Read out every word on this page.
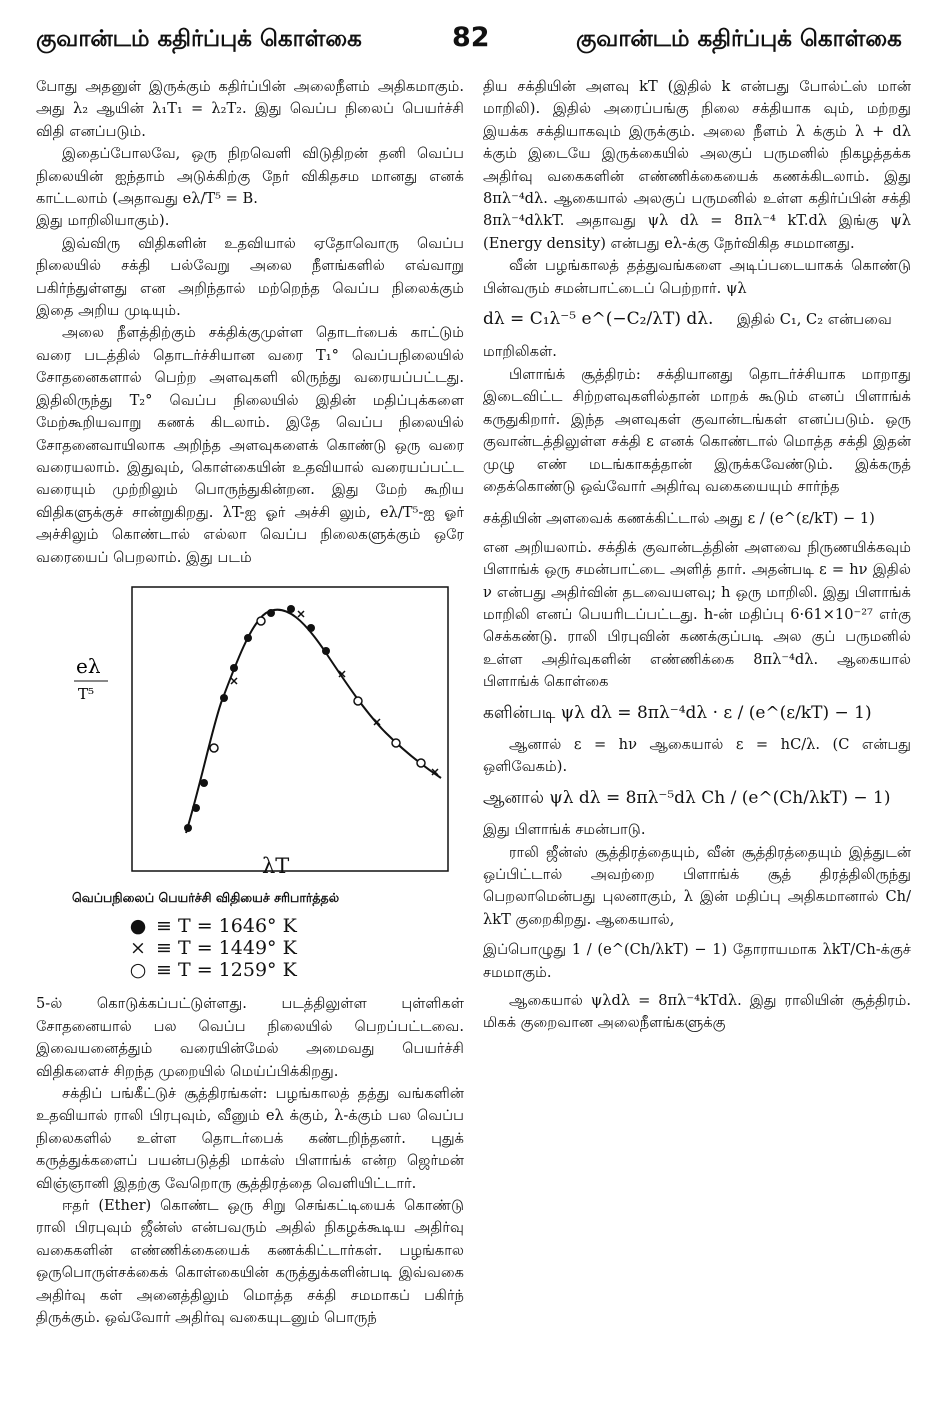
குவான்டம் கதிர்ப்புக் கொள்கை	82	குவான்டம் கதிர்ப்புக் கொள்கை

போது அதனுள் இருக்கும் கதிர்ப்பின் அலைநீளம் அதிகமாகும். அது λ₂ ஆயின் λ₁T₁ = λ₂T₂. இது வெப்ப நிலைப் பெயர்ச்சி விதி எனப்படும்.

இதைப்போலவே, ஒரு நிறவெளி விடுதிறன் தனி வெப்ப நிலையின் ஐந்தாம் அடுக்கிற்கு நேர் விகிதசம மானது எனக் காட்டலாம் (அதாவது eλ/T⁵ = B.

இது மாறிலியாகும்).

இவ்விரு விதிகளின் உதவியால் ஏதோவொரு வெப்ப நிலையில் சக்தி பல்வேறு அலை நீளங்களில் எவ்வாறு பகிர்ந்துள்ளது என அறிந்தால் மற்றெந்த வெப்ப நிலைக்கும் இதை அறிய முடியும்.

அலை நீளத்திற்கும் சக்திக்குமுள்ள தொடர்பைக் காட்டும் வரை படத்தில் தொடர்ச்சியான வரை T₁° வெப்பநிலையில் சோதனைகளால் பெற்ற அளவுகளி லிருந்து வரையப்பட்டது. இதிலிருந்து T₂° வெப்ப நிலையில் இதின் மதிப்புக்களை மேற்கூறியவாறு கணக் கிடலாம். இதே வெப்ப நிலையில் சோதனைவாயிலாக அறிந்த அளவுகளைக் கொண்டு ஒரு வரை வரையலாம். இதுவும், கொள்கையின் உதவியால் வரையப்பட்ட வரையும் முற்றிலும் பொருந்துகின்றன. இது மேற் கூறிய விதிகளுக்குச் சான்றுகிறது. λT-ஐ ஓர் அச்சி லும், eλ/T⁵-ஐ ஓர் அச்சிலும் கொண்டால் எல்லா வெப்ப நிலைகளுக்கும் ஒரே வரையைப் பெறலாம். இது படம்

eλ
T⁵
λT
வெப்பநிலைப் பெயர்ச்சி விதியைச் சரிபார்த்தல்
● ≡ T = 1646° K
× ≡ T = 1449° K
○ ≡ T = 1259° K

5-ல் கொடுக்கப்பட்டுள்ளது. படத்திலுள்ள புள்ளிகள் சோதனையால் பல வெப்ப நிலையில் பெறப்பட்டவை. இவையனைத்தும் வரையின்மேல் அமைவது பெயர்ச்சி விதிகளைச் சிறந்த முறையில் மெய்ப்பிக்கிறது.

சக்திப் பங்கீட்டுச் சூத்திரங்கள்: பழங்காலத் தத்து வங்களின் உதவியால் ராலி பிரபுவும், வீனும் eλ க்கும், λ-க்கும் பல வெப்ப நிலைகளில் உள்ள தொடர்பைக் கண்டறிந்தனர். புதுக் கருத்துக்களைப் பயன்படுத்தி மாக்ஸ் பிளாங்க் என்ற ஜெர்மன் விஞ்ஞானி இதற்கு வேறொரு சூத்திரத்தை வெளியிட்டார்.

ஈதர் (Ether) கொண்ட ஒரு சிறு செங்கட்டியைக் கொண்டு ராலி பிரபுவும் ஜீன்ஸ் என்பவரும் அதில் நிகழக்கூடிய அதிர்வு வகைகளின் எண்ணிக்கையைக் கணக்கிட்டார்கள். பழங்கால ஒருபொருள்சக்கைக் கொள்கையின் கருத்துக்களின்படி இவ்வகை அதிர்வு கள் அனைத்திலும் மொத்த சக்தி சமமாகப் பகிர்ந் திருக்கும். ஒவ்வோர் அதிர்வு வகையுடனும் பொருந்

திய சக்தியின் அளவு kT (இதில் k என்பது போல்ட்ஸ் மான் மாறிலி). இதில் அரைப்பங்கு நிலை சக்தியாக வும், மற்றது இயக்க சக்தியாகவும் இருக்கும். அலை நீளம் λ க்கும் λ + dλ க்கும் இடையே இருக்கையில் அலகுப் பருமனில் நிகழத்தக்க அதிர்வு வகைகளின் எண்ணிக்கையைக் கணக்கிடலாம். இது 8πλ⁻⁴dλ. ஆகையால் அலகுப் பருமனில் உள்ள கதிர்ப்பின் சக்தி 8πλ⁻⁴dλkT. அதாவது ψλ dλ = 8πλ⁻⁴ kT.dλ இங்கு ψλ (Energy density) என்பது eλ-க்கு நேர்விகித சமமானது.

வீன் பழங்காலத் தத்துவங்களை அடிப்படையாகக் கொண்டு பின்வரும் சமன்பாட்டைப் பெற்றார். ψλ

dλ = C₁λ⁻⁵ e^(−C₂/λT) dλ. இதில் C₁, C₂ என்பவை

மாறிலிகள்.

பிளாங்க் சூத்திரம்: சக்தியானது தொடர்ச்சியாக மாறாது இடைவிட்ட சிற்றளவுகளில்தான் மாறக் கூடும் எனப் பிளாங்க் கருதுகிறார். இந்த அளவுகள் குவான்டங்கள் எனப்படும். ஒரு குவான்டத்திலுள்ள சக்தி ε எனக் கொண்டால் மொத்த சக்தி இதன் முழு எண் மடங்காகத்தான் இருக்கவேண்டும். இக்கருத் தைக்கொண்டு ஒவ்வோர் அதிர்வு வகையையும் சார்ந்த

சக்தியின் அளவைக் கணக்கிட்டால் அது ε / (e^(ε/kT) − 1)

என அறியலாம். சக்திக் குவான்டத்தின் அளவை நிருணயிக்கவும் பிளாங்க் ஒரு சமன்பாட்டை அளித் தார். அதன்படி ε = hν இதில் ν என்பது அதிர்வின் தடவையளவு; h ஒரு மாறிலி. இது பிளாங்க் மாறிலி எனப் பெயரிடப்பட்டது. h-ன் மதிப்பு 6·61×10⁻²⁷ எர்கு செக்கண்டு. ராலி பிரபுவின் கணக்குப்படி அல குப் பருமனில் உள்ள அதிர்வுகளின் எண்ணிக்கை 8πλ⁻⁴dλ. ஆகையால் பிளாங்க் கொள்கை

களின்படி ψλ dλ = 8πλ⁻⁴dλ · ε / (e^(ε/kT) − 1)

ஆனால் ε = hν ஆகையால் ε = hC/λ. (C என்பது ஒளிவேகம்).

ஆனால் ψλ dλ = 8πλ⁻⁵dλ Ch / (e^(Ch/λkT) − 1)

இது பிளாங்க் சமன்பாடு.

ராலி ஜீன்ஸ் சூத்திரத்தையும், வீன் சூத்திரத்தையும் இத்துடன் ஒப்பிட்டால் அவற்றை பிளாங்க் சூத் திரத்திலிருந்து பெறலாமென்பது புலனாகும், λ இன் மதிப்பு அதிகமானால் Ch/λkT குறைகிறது. ஆகையால்,

இப்பொழுது 1 / (e^(Ch/λkT) − 1) தோராயமாக λkT/Ch-க்குச் சமமாகும்.

ஆகையால் ψλdλ = 8πλ⁻⁴kTdλ. இது ராலியின் சூத்திரம். மிகக் குறைவான அலைநீளங்களுக்கு
